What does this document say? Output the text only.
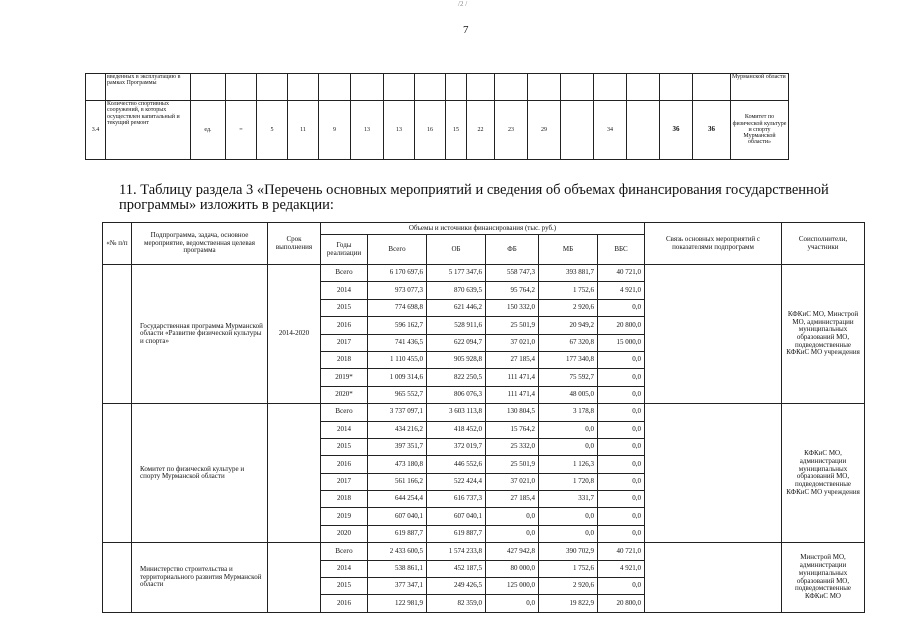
/2 /
7
	введенных в эксплуатацию в рамках Программы																		Мурманской области
3.4	Количество спортивных сооружений, в которых осуществлен капитальный и текущий ремонт	ед.	=	5	11	9	13	13	16	15	22	23	29		34		36	36	Комитет по физической культуре и спорту Мурманской области»
11. Таблицу раздела 3 «Перечень основных мероприятий и сведения об объемах финансирования государственной программы» изложить в редакции:
«№ п/п	Подпрограмма, задача, основное мероприятие, ведомственная целевая программа	Срок выполнения	Объемы и источники финансирования (тыс. руб.)						Связь основных мероприятий с показателями подпрограмм	Соисполнители, участники
			Годы реализации	Всего	ОБ	ФБ	МБ	ВБС		
	Государственная программа Мурманской области «Развитие физической культуры и спорта»	2014-2020	Всего	6 170 697,6	5 177 347,6	558 747,3	393 881,7	40 721,0		КФКиС МО, Минстрой МО, администрации муниципальных образований МО, подведомственные КФКиС МО учреждения
			2014	973 077,3	870 639,5	95 764,2	1 752,6	4 921,0		
			2015	774 698,8	621 446,2	150 332,0	2 920,6	0,0		
			2016	596 162,7	528 911,6	25 501,9	20 949,2	20 800,0		
			2017	741 436,5	622 094,7	37 021,0	67 320,8	15 000,0		
			2018	1 110 455,0	905 928,8	27 185,4	177 340,8	0,0		
			2019*	1 009 314,6	822 250,5	111 471,4	75 592,7	0,0		
			2020*	965 552,7	806 076,3	111 471,4	48 005,0	0,0		
	Комитет по физической культуре и спорту Мурманской области		Всего	3 737 097,1	3 603 113,8	130 804,5	3 178,8	0,0		КФКиС МО, администрации муниципальных образований МО, подведомственные КФКиС МО учреждения
			2014	434 216,2	418 452,0	15 764,2	0,0	0,0		
			2015	397 351,7	372 019,7	25 332,0	0,0	0,0		
			2016	473 180,8	446 552,6	25 501,9	1 126,3	0,0		
			2017	561 166,2	522 424,4	37 021,0	1 720,8	0,0		
			2018	644 254,4	616 737,3	27 185,4	331,7	0,0		
			2019	607 040,1	607 040,1	0,0	0,0	0,0		
			2020	619 887,7	619 887,7	0,0	0,0	0,0		
	Министерство строительства и территориального развития Мурманской области		Всего	2 433 600,5	1 574 233,8	427 942,8	390 702,9	40 721,0		Минстрой МО, администрации муниципальных образований МО, подведомственные КФКиС МО
			2014	538 861,1	452 187,5	80 000,0	1 752,6	4 921,0		
			2015	377 347,1	249 426,5	125 000,0	2 920,6	0,0		
			2016	122 981,9	82 359,0	0,0	19 822,9	20 800,0		
